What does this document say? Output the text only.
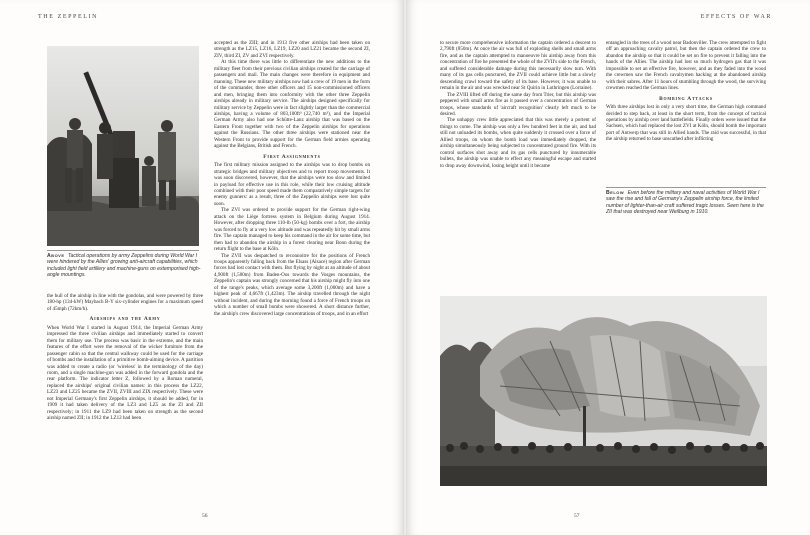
THE ZEPPELIN
Above Tactical operations by army Zeppelins during World War I were hindered by the Allies' growing anti-aircraft capabilities, which included light field artillery and machine-guns on extemporised high-angle mountings.

the hull of the airship in line with the gondolas, and were powered by three 180-hp (134-kW) Maybach B-Y six-cylinder engines for a maximum speed of 45mph (72km/h).

Airships and the Army

When World War I started in August 1914, the Imperial German Army impressed the three civilian airships and immediately started to convert them for military use. The process was basic in the extreme, and the main features of the effort were the removal of the wicker furniture from the passenger cabin so that the central walkway could be used for the carriage of bombs and the installation of a primitive bomb-aiming device. A partition was added to create a radio (or 'wireless' in the terminology of the day) room, and a single machine-gun was added in the forward gondola and the rear platform. The indicator letter Z, followed by a Roman numeral, replaced the airships' original civilian names: in this process the LZ22, LZ23 and LZ25 became the ZVII, ZVIII and ZIX respectively. These were not Imperial Germany's first Zeppelin airships, it should be added, for in 1909 it had taken delivery of the LZ3 and LZ5 as the ZI and ZII respectively; in 1911 the LZ9 had been taken on strength as the second airship named ZII; in 1912 the LZ12 had been

accepted as the ZIII; and in 1913 five other airships had been taken on strength as the LZ15, LZ16, LZ19, LZ20 and LZ21 became the second ZI, ZIV, third ZI, ZV and ZVI respectively.

At this time there was little to differentiate the new additions to the military fleet from their previous civilian airships created for the carriage of passengers and mail. The main changes were therefore in equipment and manning. These new military airships now had a crew of 19 men in the form of the commander, three other officers and 15 non-commissioned officers and men, bringing them into conformity with the other three Zeppelin airships already in military service. The airships designed specifically for military service by Zeppelin were in fact slightly larger than the commercial airships, having a volume of 803,100ft³ (22,740 m³), and the Imperial German Army also had one Schütte-Lanz airship that was based on the Eastern Front together with two of the Zeppelin airships for operations against the Russians. The other three airships were stationed near the Western Front to provide support for the German field armies operating against the Belgians, British and French.

First Assignments

The first military mission assigned to the airships was to drop bombs on strategic bridges and military objectives and to report troop movements. It was soon discovered, however, that the airships were too slow and limited in payload for effective use in this role, while their low cruising altitude combined with their poor speed made them comparatively simple targets for enemy gunners: as a result, three of the Zeppelin airships were lost quite soon.

The ZVI was ordered to provide support for the German right-wing attack on the Liège fortress system in Belgium during August 1914. However, after dropping three 110-lb (50-kg) bombs over a fort, the airship was forced to fly at a very low altitude and was repeatedly hit by small arms fire. The captain managed to keep his command in the air for some time, but then had to abandon the airship in a forest clearing near Bonn during the return flight to the base at Köln.

The ZVII was despatched to reconnoitre for the positions of French troops apparently falling back from the Elsass (Alsace) region after German forces had lost contact with them. But flying by night at an altitude of about 4,900ft (1,500m) from Baden-Oos towards the Vosges mountains, the Zeppelin's captain was strongly concerned that his airship might fly into one of the range's peaks, which average some 3,200ft (1,000m) and have a highest peak of 4,667ft (1,423m). The airship travelled through the night without incident, and during the morning found a force of French troops on which a number of small bombs were showered. A short distance further, the airship's crew discovered large concentrations of troops, and in an effort

56
EFFECTS OF WAR

to secure more comprehensive information the captain ordered a descent to 2,790ft (850m). At once the air was full of exploding shells and small arms fire, and as the captain attempted to manoeuvre his airship away from this concentration of fire he presented the whole of the ZVII's side to the French, and suffered considerable damage during this necessarily slow turn. With many of its gas cells punctured, the ZVII could achieve little but a slowly descending crawl toward the safety of its base. However, it was unable to remain in the air and was wrecked near St Quirin in Lothringen (Lorraine).

The ZVIII lifted off during the same day from Trier, but this airship was peppered with small arms fire as it passed over a concentration of German troops, whose standards of 'aircraft recognition' clearly left much to be desired.

The unhappy crew little appreciated that this was merely a portent of things to come. The airship was only a few hundred feet in the air, and had still not unloaded its bombs, when quite suddenly it crossed over a force of Allied troops, on whom the bomb load was immediately dropped, the airship simultaneously being subjected to concentrated ground fire. With its control surfaces shot away and its gas cells punctured by innumerable bullets, the airship was unable to effect any meaningful escape and started to drop away downwind, losing height until it became

entangled in the trees of a wood near Badonviller. The crew attempted to fight off an approaching cavalry patrol, but then the captain ordered the crew to abandon the airship so that it could be set on fire to prevent it falling into the hands of the Allies. The airship had lost so much hydrogen gas that it was impossible to set an effective fire, however, and as they faded into the wood the crewmen saw the French cavalrymen hacking at the abandoned airship with their sabres. After 11 hours of stumbling through the wood, the surviving crewmen reached the German lines.

Bombing Attacks

With three airships lost in only a very short time, the German high command decided to step back, at least in the short term, from the concept of tactical operations by airship over land battlefields. Finally orders were issued that the Sachsen, which had replaced the lost ZVI at Köln, should bomb the important port of Antwerp that was still in Allied hands. The raid was successful, in that the airship returned to base unscathed after inflicting

Below Even before the military and naval activities of World War I saw the rise and fall of Germany's Zeppelin airship force, the limited number of lighter-than-air craft suffered tragic losses. Seen here is the ZII that was destroyed near Weilburg in 1910.
57
